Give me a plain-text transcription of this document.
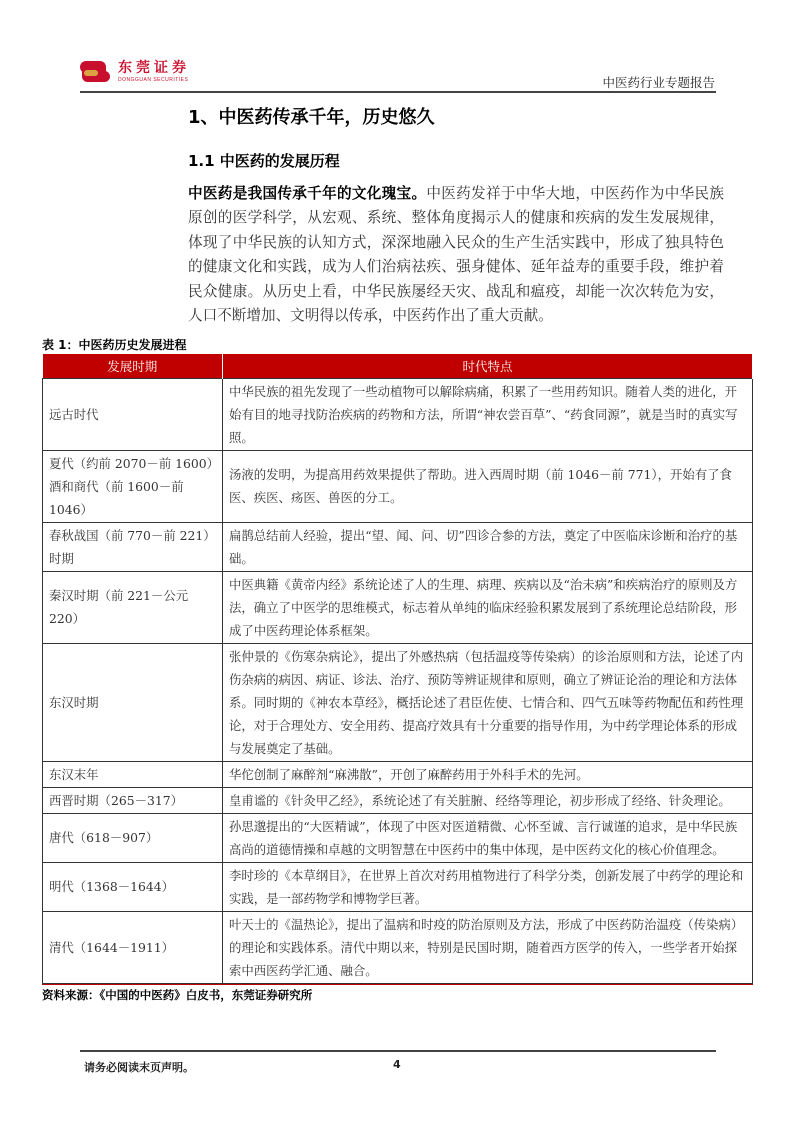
东莞证券
DONGGUAN SECURITIES	中医药行业专题报告
1、中医药传承千年，历史悠久
1.1 中医药的发展历程

中医药是我国传承千年的文化瑰宝。中医药发祥于中华大地，中医药作为中华民族原创的医学科学，从宏观、系统、整体角度揭示人的健康和疾病的发生发展规律，体现了中华民族的认知方式，深深地融入民众的生产生活实践中，形成了独具特色的健康文化和实践，成为人们治病祛疾、强身健体、延年益寿的重要手段，维护着民众健康。从历史上看，中华民族屡经天灾、战乱和瘟疫，却能一次次转危为安，人口不断增加、文明得以传承，中医药作出了重大贡献。

表 1：中医药历史发展进程
发展时期	时代特点
远古时代	中华民族的祖先发现了一些动植物可以解除病痛，积累了一些用药知识。随着人类的进化，开始有目的地寻找防治疾病的药物和方法，所谓“神农尝百草”、“药食同源”，就是当时的真实写照。
夏代（约前 2070－前 1600）酒和商代（前 1600－前 1046）	汤液的发明，为提高用药效果提供了帮助。进入西周时期（前 1046－前 771），开始有了食医、疾医、疡医、兽医的分工。
春秋战国（前 770－前 221）时期	扁鹊总结前人经验，提出“望、闻、问、切”四诊合参的方法，奠定了中医临床诊断和治疗的基础。
秦汉时期（前 221－公元 220）	中医典籍《黄帝内经》系统论述了人的生理、病理、疾病以及“治未病”和疾病治疗的原则及方法，确立了中医学的思维模式，标志着从单纯的临床经验积累发展到了系统理论总结阶段，形成了中医药理论体系框架。
东汉时期	张仲景的《伤寒杂病论》，提出了外感热病（包括温疫等传染病）的诊治原则和方法，论述了内伤杂病的病因、病证、诊法、治疗、预防等辨证规律和原则，确立了辨证论治的理论和方法体系。同时期的《神农本草经》，概括论述了君臣佐使、七情合和、四气五味等药物配伍和药性理论，对于合理处方、安全用药、提高疗效具有十分重要的指导作用，为中药学理论体系的形成与发展奠定了基础。
东汉末年	华佗创制了麻醉剂“麻沸散”，开创了麻醉药用于外科手术的先河。
西晋时期（265－317）	皇甫谧的《针灸甲乙经》，系统论述了有关脏腑、经络等理论，初步形成了经络、针灸理论。
唐代（618－907）	孙思邈提出的“大医精诚”，体现了中医对医道精微、心怀至诚、言行诚谨的追求，是中华民族高尚的道德情操和卓越的文明智慧在中医药中的集中体现，是中医药文化的核心价值理念。
明代（1368－1644）	李时珍的《本草纲目》，在世界上首次对药用植物进行了科学分类，创新发展了中药学的理论和实践，是一部药物学和博物学巨著。
清代（1644－1911）	叶天士的《温热论》，提出了温病和时疫的防治原则及方法，形成了中医药防治温疫（传染病）的理论和实践体系。清代中期以来，特别是民国时期，随着西方医学的传入，一些学者开始探索中西医药学汇通、融合。
资料来源：《中国的中医药》白皮书，东莞证券研究所
请务必阅读末页声明。	4
